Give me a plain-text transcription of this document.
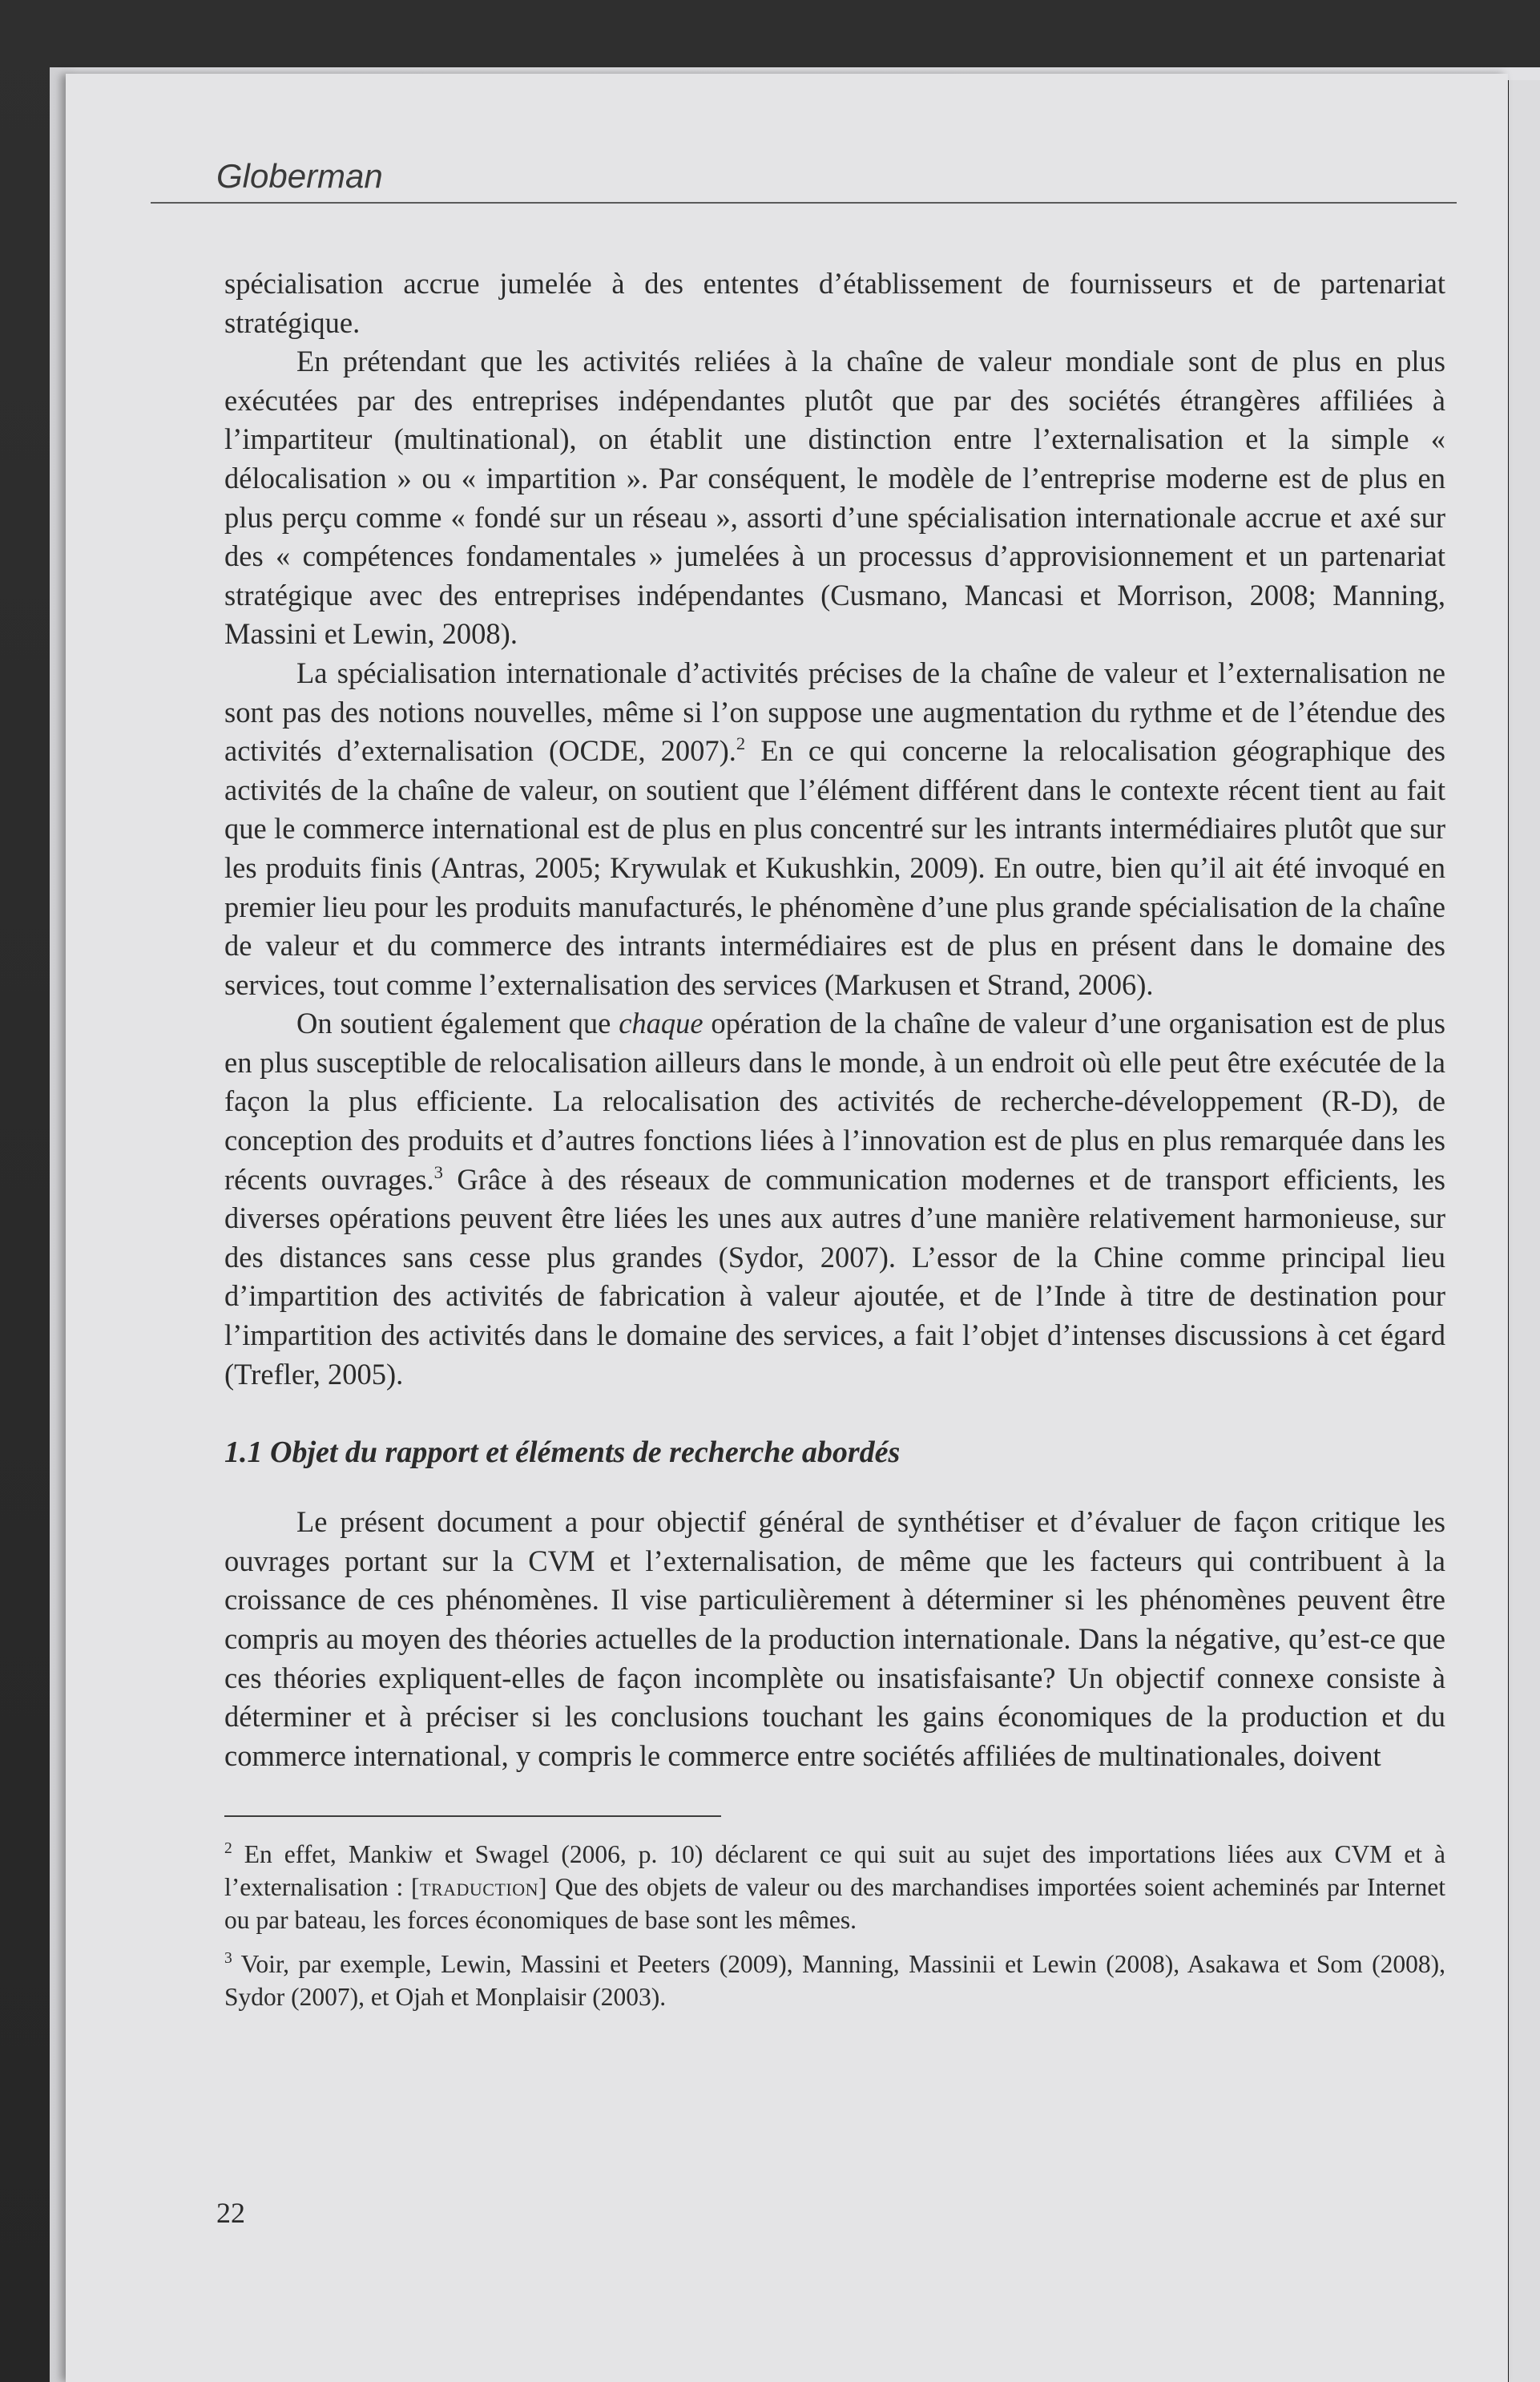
Globerman

spécialisation accrue jumelée à des ententes d’établissement de fournisseurs et de partenariat stratégique.

En prétendant que les activités reliées à la chaîne de valeur mondiale sont de plus en plus exécutées par des entreprises indépendantes plutôt que par des sociétés étrangères affiliées à l’impartiteur (multinational), on établit une distinction entre l’externalisation et la simple « délocalisation » ou « impartition ». Par conséquent, le modèle de l’entreprise moderne est de plus en plus perçu comme « fondé sur un réseau », assorti d’une spécialisation internationale accrue et axé sur des « compétences fondamentales » jumelées à un processus d’approvisionnement et un partenariat stratégique avec des entreprises indépendantes (Cusmano, Mancasi et Morrison, 2008; Manning, Massini et Lewin, 2008).

La spécialisation internationale d’activités précises de la chaîne de valeur et l’externalisation ne sont pas des notions nouvelles, même si l’on suppose une augmentation du rythme et de l’étendue des activités d’externalisation (OCDE, 2007).$^2$ En ce qui concerne la relocalisation géographique des activités de la chaîne de valeur, on soutient que l’élément différent dans le contexte récent tient au fait que le commerce international est de plus en plus concentré sur les intrants intermédiaires plutôt que sur les produits finis (Antras, 2005; Krywulak et Kukushkin, 2009). En outre, bien qu’il ait été invoqué en premier lieu pour les produits manufacturés, le phénomène d’une plus grande spécialisation de la chaîne de valeur et du commerce des intrants intermédiaires est de plus en présent dans le domaine des services, tout comme l’externalisation des services (Markusen et Strand, 2006).

On soutient également que chaque opération de la chaîne de valeur d’une organisation est de plus en plus susceptible de relocalisation ailleurs dans le monde, à un endroit où elle peut être exécutée de la façon la plus efficiente. La relocalisation des activités de recherche-développement (R-D), de conception des produits et d’autres fonctions liées à l’innovation est de plus en plus remarquée dans les récents ouvrages.$^3$ Grâce à des réseaux de communication modernes et de transport efficients, les diverses opérations peuvent être liées les unes aux autres d’une manière relativement harmonieuse, sur des distances sans cesse plus grandes (Sydor, 2007). L’essor de la Chine comme principal lieu d’impartition des activités de fabrication à valeur ajoutée, et de l’Inde à titre de destination pour l’impartition des activités dans le domaine des services, a fait l’objet d’intenses discussions à cet égard (Trefler, 2005).

1.1 Objet du rapport et éléments de recherche abordés

Le présent document a pour objectif général de synthétiser et d’évaluer de façon critique les ouvrages portant sur la CVM et l’externalisation, de même que les facteurs qui contribuent à la croissance de ces phénomènes. Il vise particulièrement à déterminer si les phénomènes peuvent être compris au moyen des théories actuelles de la production internationale. Dans la négative, qu’est-ce que ces théories expliquent-elles de façon incomplète ou insatisfaisante? Un objectif connexe consiste à déterminer et à préciser si les conclusions touchant les gains économiques de la production et du commerce international, y compris le commerce entre sociétés affiliées de multinationales, doivent

$^2$ En effet, Mankiw et Swagel (2006, p. 10) déclarent ce qui suit au sujet des importations liées aux CVM et à l’externalisation : [traduction] Que des objets de valeur ou des marchandises importées soient acheminés par Internet ou par bateau, les forces économiques de base sont les mêmes.

$^3$ Voir, par exemple, Lewin, Massini et Peeters (2009), Manning, Massinii et Lewin (2008), Asakawa et Som (2008), Sydor (2007), et Ojah et Monplaisir (2003).

22
